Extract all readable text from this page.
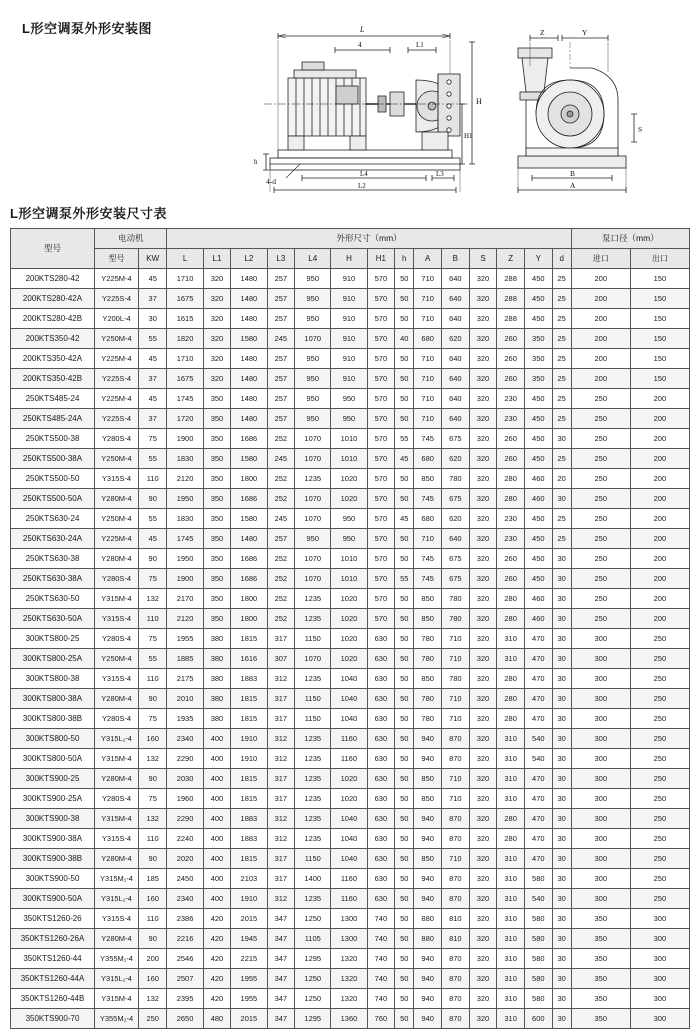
L形空调泵外形安装图	L
4	L1
H
H1
h
4-d
L4	L3
L2
Z	Y
S
B
A
L形空调泵外形安装尺寸表
型号	电动机		外形尺寸（mm）														泵口径（mm）	
	型号	KW	L	L1	L2	L3	L4	H	H1	h	A	B	S	Z	Y	d	进口	出口
200KTS280-42	Y225M-4	45	1710	320	1480	257	950	910	570	50	710	640	320	288	450	25	200	150
200KTS280-42A	Y225S-4	37	1675	320	1480	257	950	910	570	50	710	640	320	288	450	25	200	150
200KTS280-42B	Y200L-4	30	1615	320	1480	257	950	910	570	50	710	640	320	288	450	25	200	150
200KTS350-42	Y250M-4	55	1820	320	1580	245	1070	910	570	40	680	620	320	260	350	25	200	150
200KTS350-42A	Y225M-4	45	1710	320	1480	257	950	910	570	50	710	640	320	260	350	25	200	150
200KTS350-42B	Y225S-4	37	1675	320	1480	257	950	910	570	50	710	640	320	260	350	25	200	150
250KTS485-24	Y225M-4	45	1745	350	1480	257	950	950	570	50	710	640	320	230	450	25	250	200
250KTS485-24A	Y225S-4	37	1720	350	1480	257	950	950	570	50	710	640	320	230	450	25	250	200
250KTS500-38	Y280S-4	75	1900	350	1686	252	1070	1010	570	55	745	675	320	260	450	30	250	200
250KTS500-38A	Y250M-4	55	1830	350	1580	245	1070	1010	570	45	680	620	320	260	450	25	250	200
250KTS500-50	Y315S-4	110	2120	350	1800	252	1235	1020	570	50	850	780	320	280	460	20	250	200
250KTS500-50A	Y280M-4	90	1950	350	1686	252	1070	1020	570	50	745	675	320	280	460	30	250	200
250KTS630-24	Y250M-4	55	1830	350	1580	245	1070	950	570	45	680	620	320	230	450	25	250	200
250KTS630-24A	Y225M-4	45	1745	350	1480	257	950	950	570	50	710	640	320	230	450	25	250	200
250KTS630-38	Y280M-4	90	1950	350	1686	252	1070	1010	570	50	745	675	320	260	450	30	250	200
250KTS630-38A	Y280S-4	75	1900	350	1686	252	1070	1010	570	55	745	675	320	260	450	30	250	200
250KTS630-50	Y315M-4	132	2170	350	1800	252	1235	1020	570	50	850	780	320	280	460	30	250	200
250KTS630-50A	Y315S-4	110	2120	350	1800	252	1235	1020	570	50	850	780	320	280	460	30	250	200
300KTS800-25	Y280S-4	75	1955	380	1815	317	1150	1020	630	50	780	710	320	310	470	30	300	250
300KTS800-25A	Y250M-4	55	1885	380	1616	307	1070	1020	630	50	780	710	320	310	470	30	300	250
300KTS800-38	Y315S-4	110	2175	380	1883	312	1235	1040	630	50	850	780	320	280	470	30	300	250
300KTS800-38A	Y280M-4	90	2010	380	1815	317	1150	1040	630	50	780	710	320	280	470	30	300	250
300KTS800-38B	Y280S-4	75	1935	380	1815	317	1150	1040	630	50	780	710	320	280	470	30	300	250
300KTS800-50	Y315L₁-4	160	2340	400	1910	312	1235	1160	630	50	940	870	320	310	540	30	300	250
300KTS800-50A	Y315M-4	132	2290	400	1910	312	1235	1160	630	50	940	870	320	310	540	30	300	250
300KTS900-25	Y280M-4	90	2030	400	1815	317	1235	1020	630	50	850	710	320	310	470	30	300	250
300KTS900-25A	Y280S-4	75	1960	400	1815	317	1235	1020	630	50	850	710	320	310	470	30	300	250
300KTS900-38	Y315M-4	132	2290	400	1883	312	1235	1040	630	50	940	870	320	280	470	30	300	250
300KTS900-38A	Y315S-4	110	2240	400	1883	312	1235	1040	630	50	940	870	320	280	470	30	300	250
300KTS900-38B	Y280M-4	90	2020	400	1815	317	1150	1040	630	50	850	710	320	310	470	30	300	250
300KTS900-50	Y315M₁-4	185	2450	400	2103	317	1400	1160	630	50	940	870	320	310	580	30	300	250
300KTS900-50A	Y315L₁-4	160	2340	400	1910	312	1235	1160	630	50	940	870	320	310	540	30	300	250
350KTS1260-26	Y315S-4	110	2386	420	2015	347	1250	1300	740	50	880	810	320	310	580	30	350	300
350KTS1260-26A	Y280M-4	90	2216	420	1945	347	1105	1300	740	50	880	810	320	310	580	30	350	300
350KTS1260-44	Y355M₁-4	200	2546	420	2215	347	1295	1320	740	50	940	870	320	310	580	30	350	300
350KTS1260-44A	Y315L₁-4	160	2507	420	1955	347	1250	1320	740	50	940	870	320	310	580	30	350	300
350KTS1260-44B	Y315M-4	132	2395	420	1955	347	1250	1320	740	50	940	870	320	310	580	30	350	300
350KTS900-70	Y355M₂-4	250	2650	480	2015	347	1295	1360	760	50	940	870	320	310	600	30	350	300
